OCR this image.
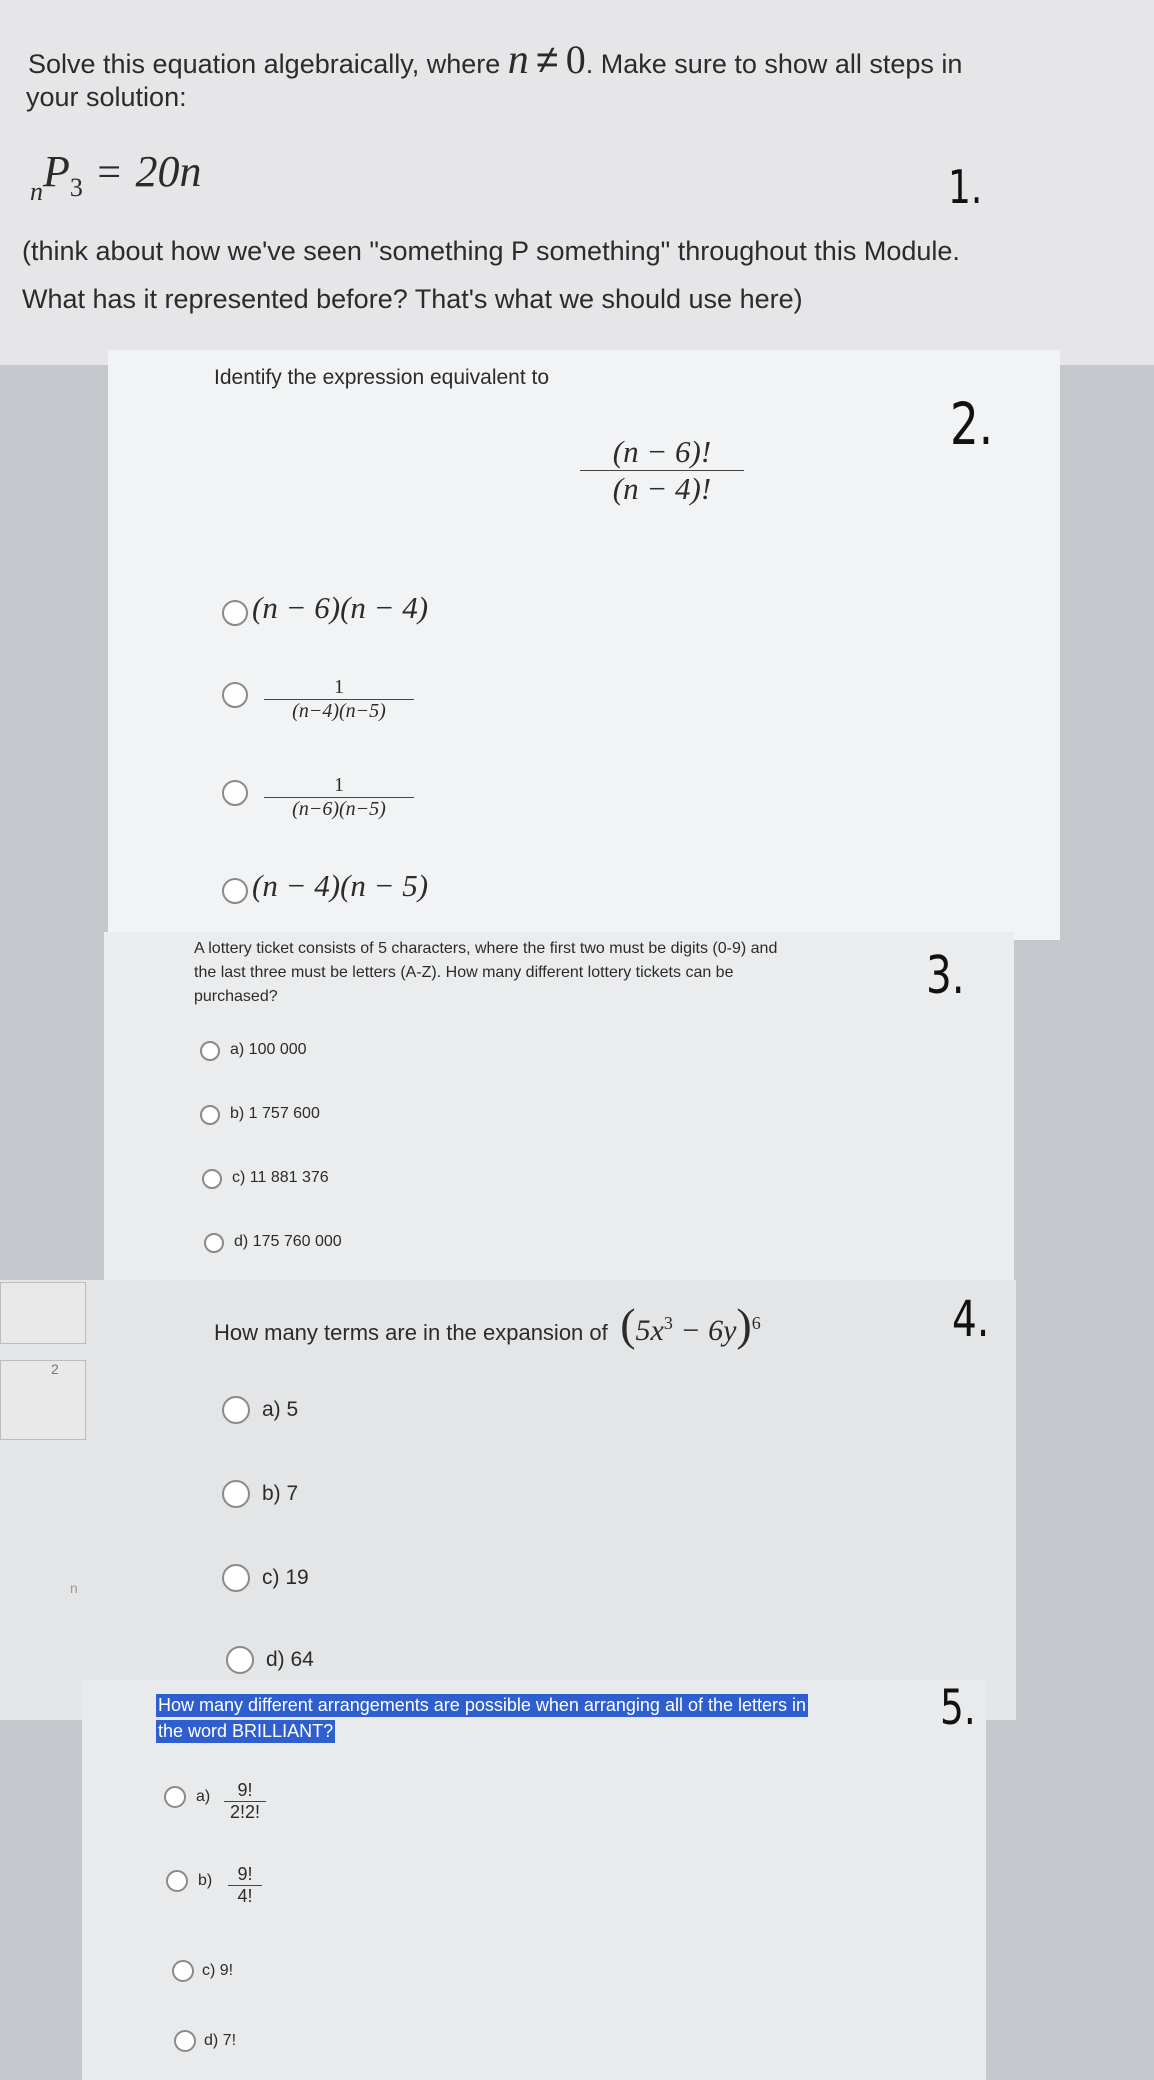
Solve this equation algebraically, where n ≠ 0. Make sure to show all steps in
your solution:
nP3 = 20n	1.
(think about how we've seen "something P something" throughout this Module.
What has it represented before? That's what we should use here)
Identify the expression equivalent to
2.
(n − 6)!
(n − 4)!
(n − 6)(n − 4)
1
(n−4)(n−5)
1
(n−6)(n−5)
(n − 4)(n − 5)
A lottery ticket consists of 5 characters, where the first two must be digits (0-9) and
the last three must be letters (A-Z). How many different lottery tickets can be
purchased?	3.
a) 100 000
b) 1 757 600
c) 11 881 376
d) 175 760 000
2
n
How many terms are in the expansion of $(5x^3 - 6y)^6$	4.
a) 5
b) 7
c) 19
d) 64
How many different arrangements are possible when arranging all of the letters in
the word BRILLIANT?	5.
a)	9!
2!2!
b)	9!
4!
c) 9!
d) 7!
